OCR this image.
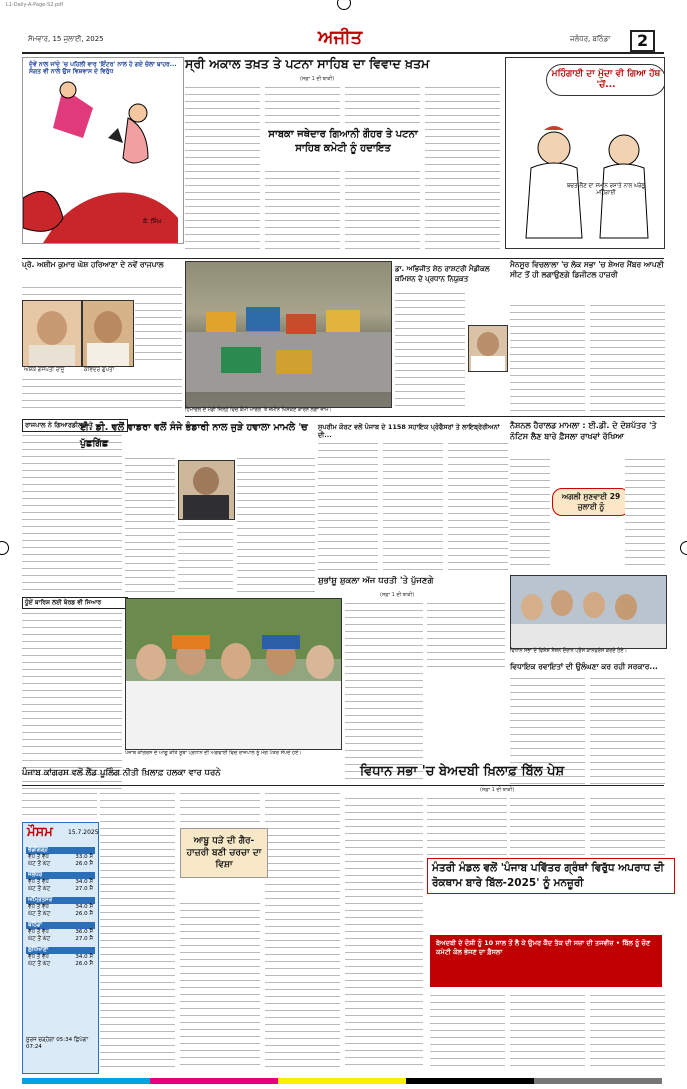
L1-Daily-A-Page-S2.pdf
ਸੋਮਵਾਰ, 15 ਜੁਲਾਈ, 2025	ਅਜੀਤ	ਜਲੰਧਰ, ਬਠਿੰਡਾ	2
ਦੋਵੇਂ ਨਾਲ ਜਾਂਦੇ 'ਚ ਪਹਿਲੀ ਵਾਰ 'ਇੰਟਰ' ਨਾਲ ਹੋ ਗਏ ਚੋਲਾ ਬਾਹਰ... ਸੰਗਤ ਵੀ ਨਾਲੇ ਉਸ ਵਿਸ਼ਵਾਸ ਦੇ ਵਿਰੁੱਧ
ਕੋ. ਸਿੰਘ
ਸ੍ਰੀ ਅਕਾਲ ਤਖ਼ਤ ਤੇ ਪਟਨਾ ਸਾਹਿਬ ਦਾ ਵਿਵਾਦ ਖ਼ਤਮ
(ਸਫ਼ਾ 1 ਦੀ ਬਾਕੀ)
ਸਾਬਕਾ ਜਥੇਦਾਰ ਗਿਆਨੀ ਗੌਹਰ ਤੇ ਪਟਨਾ ਸਾਹਿਬ ਕਮੇਟੀ ਨੂੰ ਹਦਾਇਤ
ਮਹਿੰਗਾਈ ਦਾ ਮੁੱਦਾ ਵੀ ਗਿਆ ਹੱਥ 'ਚੋਂ...
ਬਚਤ-ਲੈਣ ਦਾ ਸਮਾਨ ਰਸਾਤੇ ਨਾਲ ਘਰੇਲੂ ਮਹਿੰਗਾਈ
ਪ੍ਰੋ. ਅਸ਼ੀਮ ਕੁਮਾਰ ਘੋਸ਼ ਹਰਿਆਣਾ ਦੇ ਨਵੇਂ ਰਾਜਪਾਲ
ਅਸ਼ੋਕ ਗਜਪਤੀ ਰਾਜੂ	ਕਵਿੰਦਰ ਗੁਪਤਾ
ਹਿਮਾਚਲ ਦੇ ਮੰਡੀ ਜ਼ਿਲ੍ਹੇ ਵਿਚ ਕੌਮੀ ਮਾਰਗ 'ਤੇ ਜ਼ਮੀਨ ਖਿਸਕਣ ਕਾਰਨ ਲੱਗਾ ਜਾਮ।
ਡਾ. ਅਭਿਜੀਤ ਸ਼ੇਠ ਰਾਸ਼ਟਰੀ ਮੈਡੀਕਲ ਕਮਿਸ਼ਨ ਦੇ ਪ੍ਰਧਾਨ ਨਿਯੁਕਤ
ਮੈਨਸੂਰ ਵਿਚਲਾਲਾ 'ਚ ਲੋਕ ਸਭਾ 'ਚ ਸ਼ੇਅਰ ਮੈਂਬਰ ਆਪਣੀ ਸੀਟ ਤੋਂ ਹੀ ਲਗਾਉਣਗੇ ਡਿਜੀਟਲ ਹਾਜ਼ਰੀ
ਰਾਜਪਾਲ ਨੇ ਗਿਆਰਡੀਲ੍ਹ ਤੇ
ਧੂੰਏਂ ਬਾਰਿਸ਼ ਲਈ ਬੋਰਡ ਵੀ ਸਿਆਰ
ਈ. ਡੀ. ਵਲੋਂ ਵਾਡਰਾ ਵਲੋਂ ਸੰਜੇ ਭੰਡਾਰੀ ਨਾਲ ਜੁੜੇ ਹਵਾਲਾ ਮਾਮਲੇ 'ਚ ਪੁੱਛਗਿੱਛ
ਸੁਪਰੀਮ ਕੋਰਟ ਵਲੋਂ ਪੰਜਾਬ ਦੇ 1158 ਸਹਾਇਕ ਪ੍ਰੋਫੈਸਰਾਂ ਤੇ ਲਾਇਬ੍ਰੇਰੀਅਨਾਂ ਦੀ...
ਸ਼ੁਭਾਂਸ਼ੂ ਸ਼ੁਕਲਾ ਅੱਜ ਧਰਤੀ 'ਤੇ ਪੁੱਜਣਗੇ
(ਸਫ਼ਾ 1 ਦੀ ਬਾਕੀ)
ਨੈਸ਼ਨਲ ਹੈਰਾਲਡ ਮਾਮਲਾ : ਈ.ਡੀ. ਦੇ ਦੋਸ਼ਪੱਤਰ 'ਤੇ ਨੋਟਿਸ ਲੈਣ ਬਾਰੇ ਫ਼ੈਸਲਾ ਰਾਖਵਾਂ ਰੱਖਿਆ
ਅਗਲੀ ਸੁਣਵਾਈ 29 ਜੁਲਾਈ ਨੂੰ
ਵਿਧਾਨ ਸਭਾ ਦੇ ਵਿਸ਼ੇਸ਼ ਸੈਸ਼ਨ ਦੌਰਾਨ ਪ੍ਰੈੱਸ ਕਾਨਫਰੰਸ ਕਰਦੇ ਹੋਏ।
ਵਿਧਾਇਕ ਰਵਾਇਤਾਂ ਦੀ ਉਲੰਘਣਾ ਕਰ ਰਹੀ ਸਰਕਾਰ...
ਪੰਜਾਬ ਕਾਂਗਰਸ ਦੇ ਆਗੂ ਕੀਤੇ ਸੂਬਾ ਪ੍ਰਧਾਨ ਦੀ ਅਗਵਾਈ ਵਿਚ ਰਾਜਪਾਲ ਨੂੰ ਮੰਗ ਪੱਤਰ ਸੌਂਪਦੇ ਹੋਏ।
ਪੰਜਾਬ ਕਾਂਗਰਸ ਵਲੋਂ ਲੈਂਡ ਪੂਲਿੰਗ ਨੀਤੀ ਖ਼ਿਲਾਫ਼ ਹਲਕਾ ਵਾਰ ਧਰਨੇ	ਵਿਧਾਨ ਸਭਾ 'ਚ ਬੇਅਦਬੀ ਖ਼ਿਲਾਫ਼ ਬਿੱਲ ਪੇਸ਼
(ਸਫ਼ਾ 1 ਦੀ ਬਾਕੀ)
ਮੌਸਮ	15.7.2025
ਚੰਡੀਗੜ੍ਹ
ਵੱਧ ਤੋਂ ਵੱਧ	33.0 ਸੈ
ਘੱਟ ਤੋਂ ਘੱਟ	26.0 ਸੈ
ਜਲੰਧਰ
ਵੱਧ ਤੋਂ ਵੱਧ	34.0 ਸੈ
ਘੱਟ ਤੋਂ ਘੱਟ	27.0 ਸੈ
ਅੰਮ੍ਰਿਤਸਰ
ਵੱਧ ਤੋਂ ਵੱਧ	34.0 ਸੈ
ਘੱਟ ਤੋਂ ਘੱਟ	26.0 ਸੈ
ਬਠਿੰਡਾ
ਵੱਧ ਤੋਂ ਵੱਧ	36.0 ਸੈ
ਘੱਟ ਤੋਂ ਘੱਟ	27.0 ਸੈ
ਲੁਧਿਆਣਾ
ਵੱਧ ਤੋਂ ਵੱਧ	34.0 ਸੈ
ਘੱਟ ਤੋਂ ਘੱਟ	26.0 ਸੈ
ਸੂਰਜ ਚੜ੍ਹੇਗਾ 05:34 ਛਿਪੇਗਾ 07:24
ਆਬੂ ਧੜੇ ਦੀ ਗੈਰ-ਹਾਜ਼ਰੀ ਬਣੀ ਚਰਚਾ ਦਾ ਵਿਸ਼ਾ	ਮੰਤਰੀ ਮੰਡਲ ਵਲੋਂ 'ਪੰਜਾਬ ਪਵਿੱਤਰ ਗ੍ਰੰਥਾਂ ਵਿਰੁੱਧ ਅਪਰਾਧ ਦੀ ਰੋਕਥਾਮ ਬਾਰੇ ਬਿੱਲ-2025' ਨੂੰ ਮਨਜ਼ੂਰੀ
ਬੇਅਦਬੀ ਦੇ ਦੋਸ਼ੀ ਨੂੰ 10 ਸਾਲ ਤੋਂ ਲੈ ਕੇ ਉਮਰ ਕੈਦ ਤੱਕ ਦੀ ਸਜ਼ਾ ਦੀ ਤਜਵੀਜ਼ • ਬਿੱਲ ਨੂੰ ਚੋਣ ਕਮੇਟੀ ਕੋਲ ਭੇਜਣ ਦਾ ਫ਼ੈਸਲਾ
